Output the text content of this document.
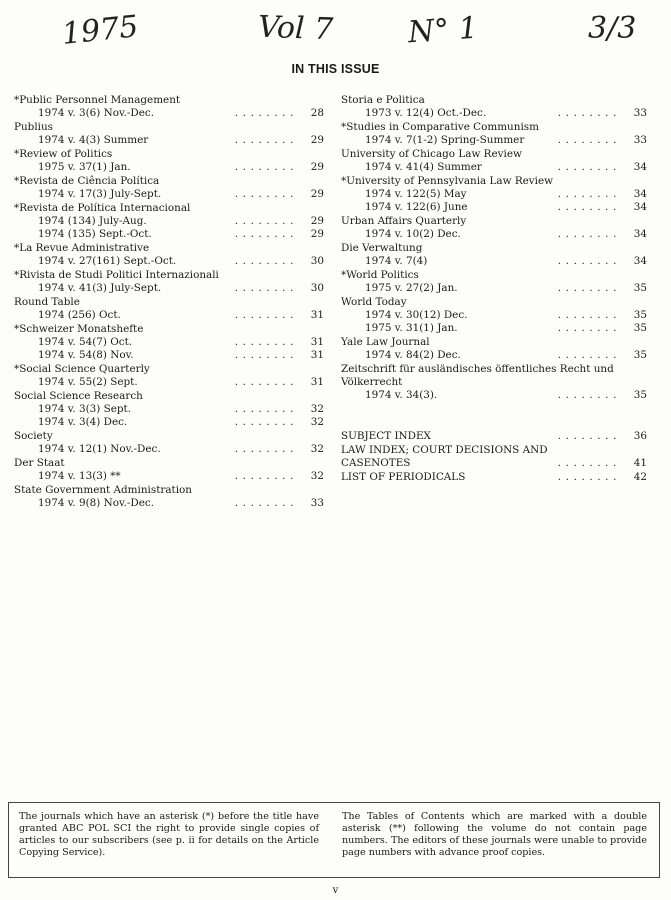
1975	Vol 7 N° 1	3/3
IN THIS ISSUE
*Public Personnel Management
1974 v. 3(6) Nov.-Dec.	........	28
Publius
1974 v. 4(3) Summer	........	29
*Review of Politics
1975 v. 37(1) Jan.	........	29
*Revista de Ciência Política
1974 v. 17(3) July-Sept.	........	29
*Revista de Política Internacional
1974 (134) July-Aug.	........	29
1974 (135) Sept.-Oct.	........	29
*La Revue Administrative
1974 v. 27(161) Sept.-Oct.	........	30
*Rivista de Studi Politici Internazionali
1974 v. 41(3) July-Sept.	........	30
Round Table
1974 (256) Oct.	........	31
*Schweizer Monatshefte
1974 v. 54(7) Oct.	........	31
1974 v. 54(8) Nov.	........	31
*Social Science Quarterly
1974 v. 55(2) Sept.	........	31
Social Science Research
1974 v. 3(3) Sept.	........	32
1974 v. 3(4) Dec.	........	32
Society
1974 v. 12(1) Nov.-Dec.	........	32
Der Staat
1974 v. 13(3) **	........	32
State Government Administration
1974 v. 9(8) Nov.-Dec.	........	33
Storia e Politica
1973 v. 12(4) Oct.-Dec.	........	33
*Studies in Comparative Communism
1974 v. 7(1-2) Spring-Summer	........	33
University of Chicago Law Review
1974 v. 41(4) Summer	........	34
*University of Pennsylvania Law Review
1974 v. 122(5) May	........	34
1974 v. 122(6) June	........	34
Urban Affairs Quarterly
1974 v. 10(2) Dec.	........	34
Die Verwaltung
1974 v. 7(4)	........	34
*World Politics
1975 v. 27(2) Jan.	........	35
World Today
1974 v. 30(12) Dec.	........	35
1975 v. 31(1) Jan.	........	35
Yale Law Journal
1974 v. 84(2) Dec.	........	35
Zeitschrift für ausländisches öffentliches Recht und Völkerrecht
1974 v. 34(3).	........	35
SUBJECT INDEX	........	36
LAW INDEX; COURT DECISIONS AND CASENOTES	........ 41
LIST OF PERIODICALS	........	42
The journals which have an asterisk (*) before the title have granted ABC POL SCI the right to provide single copies of articles to our subscribers (see p. ii for details on the Article Copying Service).
The Tables of Contents which are marked with a double asterisk (**) following the volume do not contain page numbers. The editors of these journals were unable to provide page numbers with advance proof copies.
v
